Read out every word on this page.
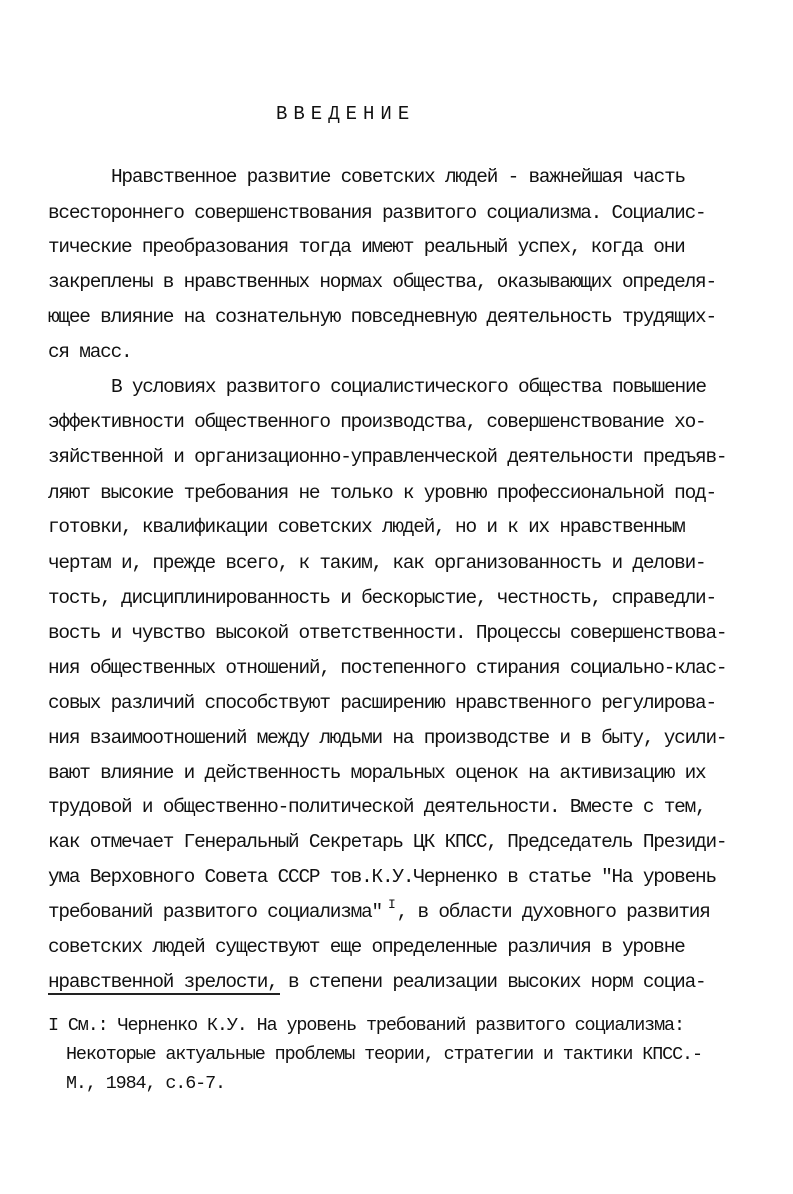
ВВЕДЕНИЕ
Нравственное развитие советских людей - важнейшая часть
всестороннего совершенствования развитого социализма. Социалис-
тические преобразования тогда имеют реальный успех, когда они
закреплены в нравственных нормах общества, оказывающих определя-
ющее влияние на сознательную повседневную деятельность трудящих-
ся масс.
В условиях развитого социалистического общества повышение
эффективности общественного производства, совершенствование хо-
зяйственной и организационно-управленческой деятельности предъяв-
ляют высокие требования не только к уровню профессиональной под-
готовки, квалификации советских людей, но и к их нравственным
чертам и, прежде всего, к таким, как организованность и делови-
тость, дисциплинированность и бескорыстие, честность, справедли-
вость и чувство высокой ответственности. Процессы совершенствова-
ния общественных отношений, постепенного стирания социально-клас-
совых различий способствуют расширению нравственного регулирова-
ния взаимоотношений между людьми на производстве и в быту, усили-
вают влияние и действенность моральных оценок на активизацию их
трудовой и общественно-политической деятельности. Вместе с тем,
как отмечает Генеральный Секретарь ЦК КПСС, Председатель Президи-
ума Верховного Совета СССР тов.К.У.Черненко в статье "На уровень
требований развитого социализма" $^I$ , в области духовного развития
советских людей существуют еще определенные различия в уровне
нравственной зрелости, в степени реализации высоких норм социа-
I См.: Черненко К.У. На уровень требований развитого социализма:
Некоторые актуальные проблемы теории, стратегии и тактики КПСС.-
М., 1984, с.6-7.
